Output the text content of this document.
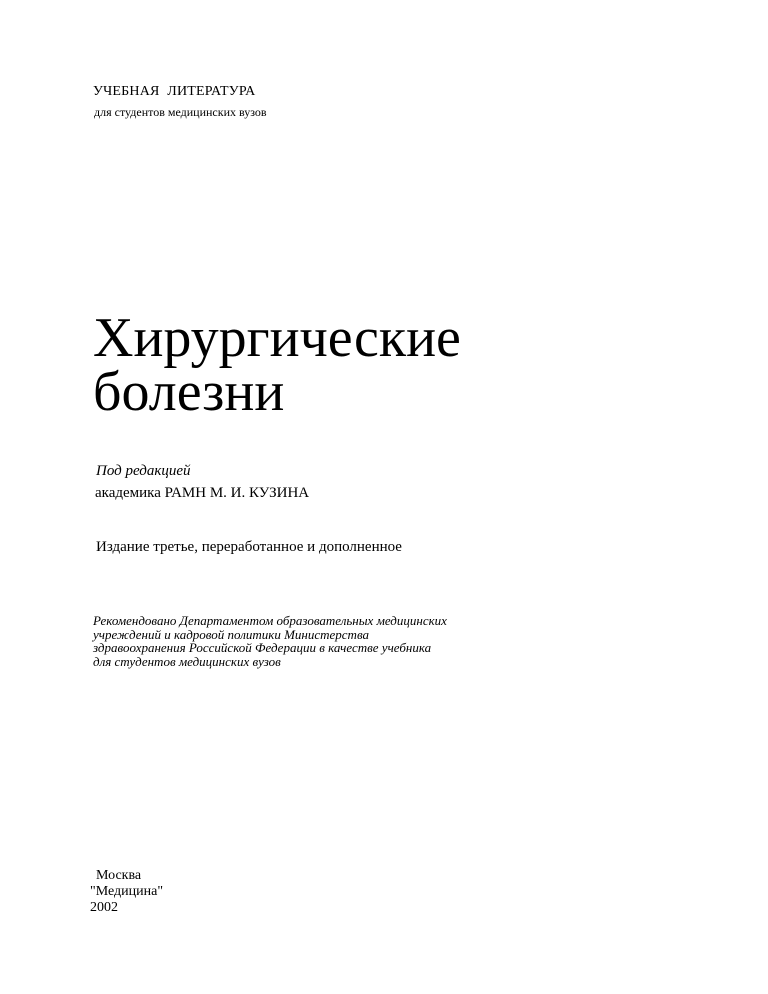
УЧЕБНАЯ ЛИТЕРАТУРА
для студентов медицинских вузов
Хирургические
болезни
Под редакцией
академика РАМН М. И. КУЗИНА
Издание третье, переработанное и дополненное
Рекомендовано Департаментом образовательных медицинских
учреждений и кадровой политики Министерства
здравоохранения Российской Федерации в качестве учебника
для студентов медицинских вузов
Москва
"Медицина"
2002
